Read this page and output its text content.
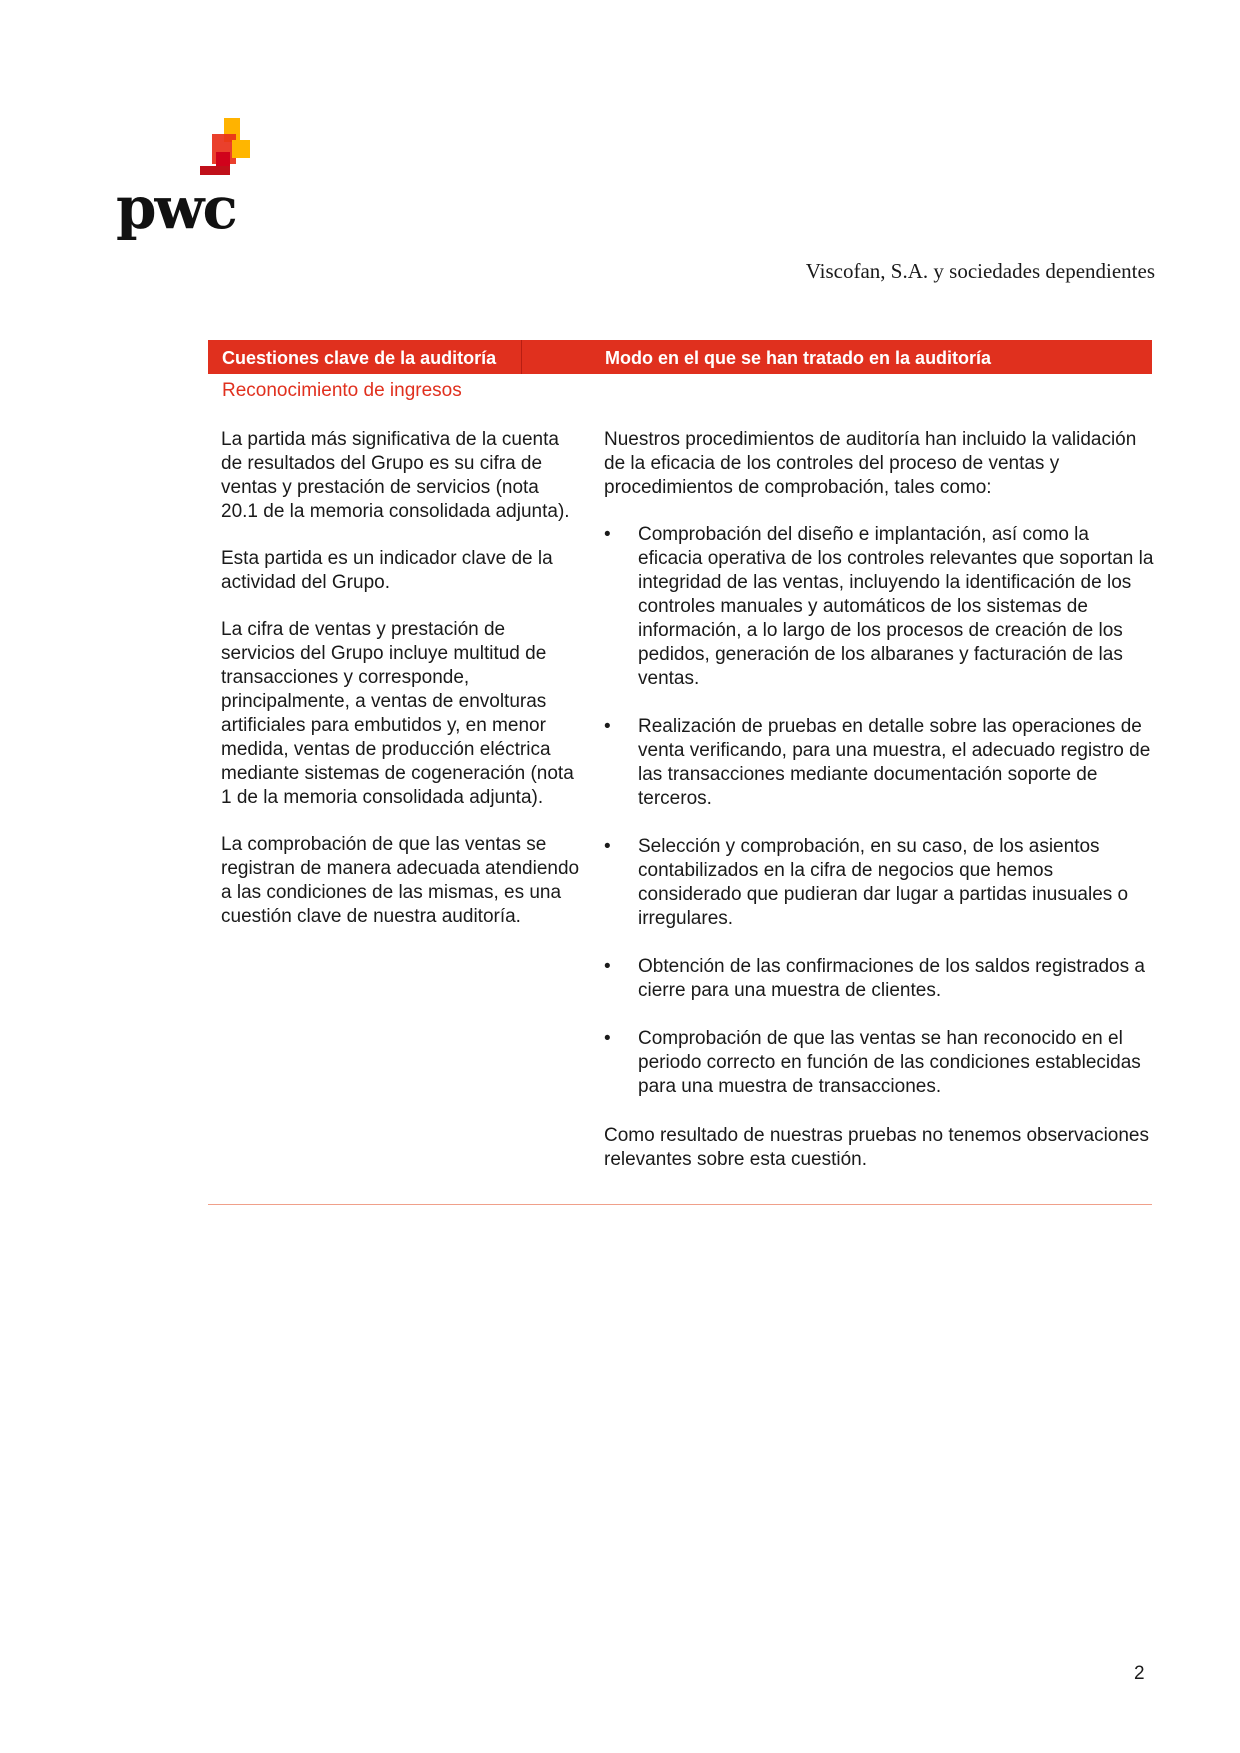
pwc
Viscofan, S.A. y sociedades dependientes
Cuestiones clave de la auditoría	Modo en el que se han tratado en la auditoría
Reconocimiento de ingresos

La partida más significativa de la cuenta de resultados del Grupo es su cifra de ventas y prestación de servicios (nota 20.1 de la memoria consolidada adjunta).

Esta partida es un indicador clave de la actividad del Grupo.

La cifra de ventas y prestación de servicios del Grupo incluye multitud de transacciones y corresponde, principalmente, a ventas de envolturas artificiales para embutidos y, en menor medida, ventas de producción eléctrica mediante sistemas de cogeneración (nota 1 de la memoria consolidada adjunta).

La comprobación de que las ventas se registran de manera adecuada atendiendo a las condiciones de las mismas, es una cuestión clave de nuestra auditoría.

Nuestros procedimientos de auditoría han incluido la validación de la eficacia de los controles del proceso de ventas y procedimientos de comprobación, tales como:

•	Comprobación del diseño e implantación, así como la eficacia operativa de los controles relevantes que soportan la integridad de las ventas, incluyendo la identificación de los controles manuales y automáticos de los sistemas de información, a lo largo de los procesos de creación de los pedidos, generación de los albaranes y facturación de las ventas.
•	Realización de pruebas en detalle sobre las operaciones de venta verificando, para una muestra, el adecuado registro de las transacciones mediante documentación soporte de terceros.
•	Selección y comprobación, en su caso, de los asientos contabilizados en la cifra de negocios que hemos considerado que pudieran dar lugar a partidas inusuales o irregulares.
•	Obtención de las confirmaciones de los saldos registrados a cierre para una muestra de clientes.
•	Comprobación de que las ventas se han reconocido en el periodo correcto en función de las condiciones establecidas para una muestra de transacciones.

Como resultado de nuestras pruebas no tenemos observaciones relevantes sobre esta cuestión.

2
